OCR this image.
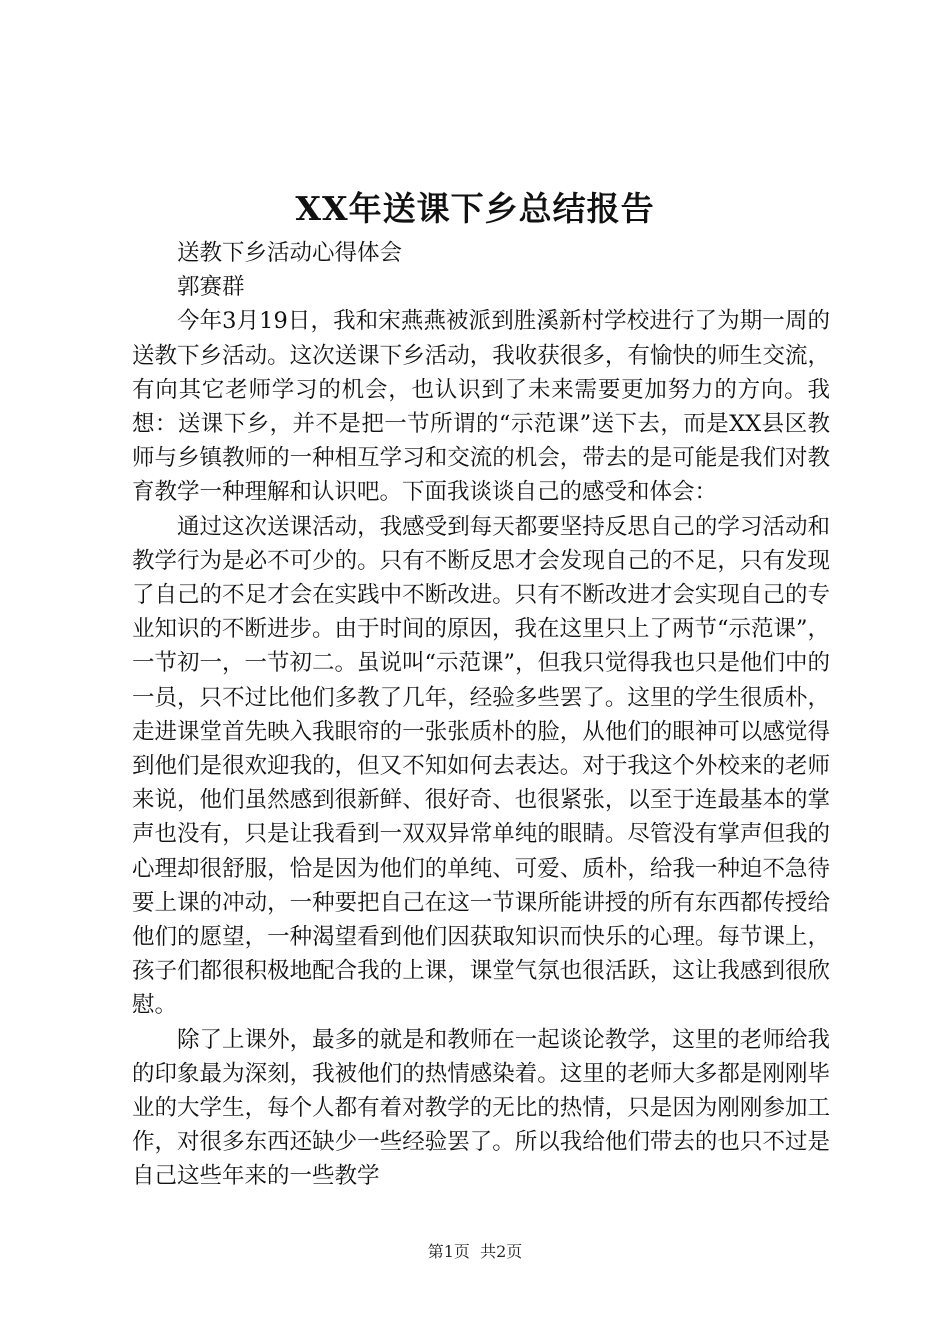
XX年送课下乡总结报告

送教下乡活动心得体会

郭赛群

今年3月19日，我和宋燕燕被派到胜溪新村学校进行了为期一周的送教下乡活动。这次送课下乡活动，我收获很多，有愉快的师生交流，有向其它老师学习的机会，也认识到了未来需要更加努力的方向。我想：送课下乡，并不是把一节所谓的“示范课”送下去，而是XX县区教师与乡镇教师的一种相互学习和交流的机会，带去的是可能是我们对教育教学一种理解和认识吧。下面我谈谈自己的感受和体会：

通过这次送课活动，我感受到每天都要坚持反思自己的学习活动和教学行为是必不可少的。只有不断反思才会发现自己的不足，只有发现了自己的不足才会在实践中不断改进。只有不断改进才会实现自己的专业知识的不断进步。由于时间的原因，我在这里只上了两节“示范课”，一节初一，一节初二。虽说叫“示范课”，但我只觉得我也只是他们中的一员，只不过比他们多教了几年，经验多些罢了。这里的学生很质朴，走进课堂首先映入我眼帘的一张张质朴的脸，从他们的眼神可以感觉得到他们是很欢迎我的，但又不知如何去表达。对于我这个外校来的老师来说，他们虽然感到很新鲜、很好奇、也很紧张，以至于连最基本的掌声也没有，只是让我看到一双双异常单纯的眼睛。尽管没有掌声但我的心理却很舒服，恰是因为他们的单纯、可爱、质朴，给我一种迫不急待要上课的冲动，一种要把自己在这一节课所能讲授的所有东西都传授给他们的愿望，一种渴望看到他们因获取知识而快乐的心理。每节课上，孩子们都很积极地配合我的上课，课堂气氛也很活跃，这让我感到很欣慰。

除了上课外，最多的就是和教师在一起谈论教学，这里的老师给我的印象最为深刻，我被他们的热情感染着。这里的老师大多都是刚刚毕业的大学生，每个人都有着对教学的无比的热情，只是因为刚刚参加工作，对很多东西还缺少一些经验罢了。所以我给他们带去的也只不过是自己这些年来的一些教学

第1页 共2页
